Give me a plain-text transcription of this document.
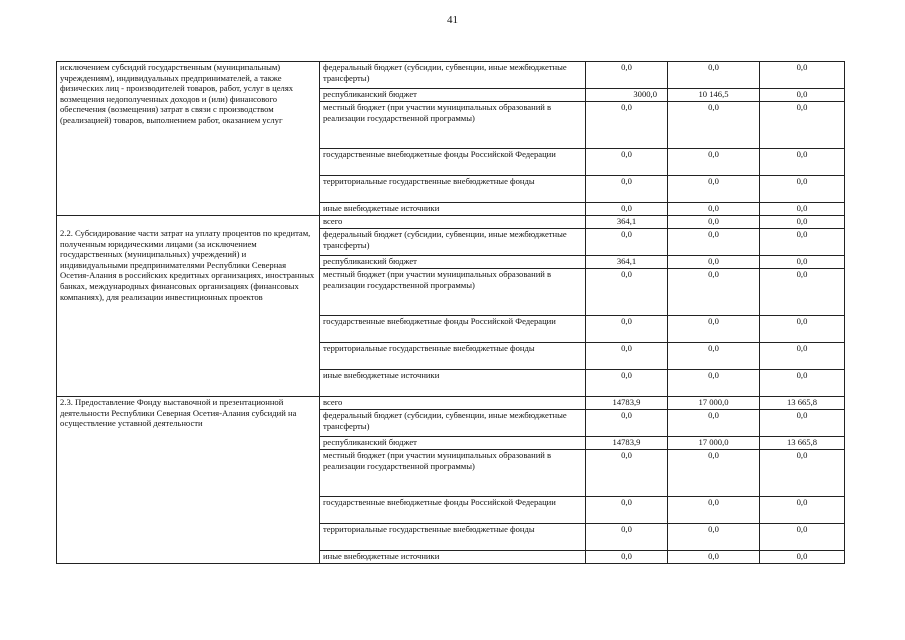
41
исключением субсидий государственным (муниципальным) учреждениям), индивидуальных предпринимателей, а также физических лиц - производителей товаров, работ, услуг в целях возмещения недополученных доходов и (или) финансового обеспечения (возмещения) затрат в связи с производством (реализацией) товаров, выполнением работ, оказанием услуг	федеральный бюджет (субсидии, субвенции, иные межбюджетные трансферты)	0,0	0,0	0,0
	республиканский бюджет	3000,0	10 146,5	0,0
	местный бюджет (при участии муниципальных образований в реализации государственной программы)	0,0	0,0	0,0
	государственные внебюджетные фонды Российской Федерации	0,0	0,0	0,0
	территориальные государственные внебюджетные фонды	0,0	0,0	0,0
	иные внебюджетные источники	0,0	0,0	0,0
2.2. Субсидирование части затрат на уплату процентов по кредитам, полученным юридическими лицами (за исключением государственных (муниципальных) учреждений) и индивидуальными предпринимателями Республики Северная Осетия-Алания в российских кредитных организациях, иностранных банках, международных финансовых организациях (финансовых компаниях), для реализации инвестиционных проектов	всего	364,1	0,0	0,0
	федеральный бюджет (субсидии, субвенции, иные межбюджетные трансферты)	0,0	0,0	0,0
	республиканский бюджет	364,1	0,0	0,0
	местный бюджет (при участии муниципальных образований в реализации государственной программы)	0,0	0,0	0,0
	государственные внебюджетные фонды Российской Федерации	0,0	0,0	0,0
	территориальные государственные внебюджетные фонды	0,0	0,0	0,0
	иные внебюджетные источники	0,0	0,0	0,0
2.3. Предоставление Фонду выставочной и презентационной деятельности Республики Северная Осетия-Алания субсидий на осуществление уставной деятельности	всего	14783,9	17 000,0	13 665,8
	федеральный бюджет (субсидии, субвенции, иные межбюджетные трансферты)	0,0	0,0	0,0
	республиканский бюджет	14783,9	17 000,0	13 665,8
	местный бюджет (при участии муниципальных образований в реализации государственной программы)	0,0	0,0	0,0
	государственные внебюджетные фонды Российской Федерации	0,0	0,0	0,0
	территориальные государственные внебюджетные фонды	0,0	0,0	0,0
	иные внебюджетные источники	0,0	0,0	0,0
